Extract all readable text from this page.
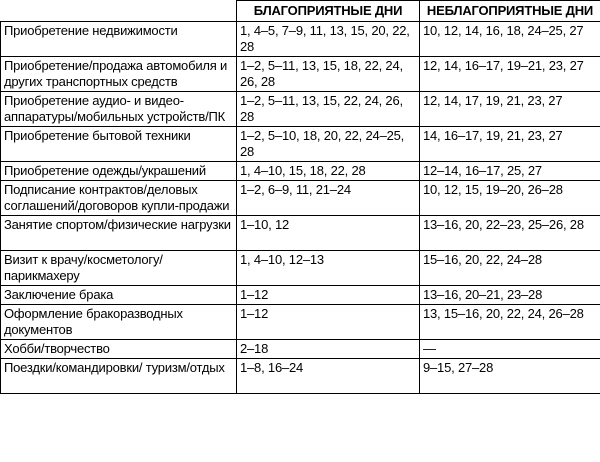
	БЛАГОПРИЯТНЫЕ ДНИ	НЕБЛАГОПРИЯТНЫЕ ДНИ
Приобретение недвижимости	1, 4–5, 7–9, 11, 13, 15, 20, 22, 28	10, 12, 14, 16, 18, 24–25, 27
Приобретение/продажа автомобиля и других транспортных средств	1–2, 5–11, 13, 15, 18, 22, 24, 26, 28	12, 14, 16–17, 19–21, 23, 27
Приобретение аудио- и видео-аппаратуры/мобильных устройств/ПК	1–2, 5–11, 13, 15, 22, 24, 26, 28	12, 14, 17, 19, 21, 23, 27
Приобретение бытовой техники	1–2, 5–10, 18, 20, 22, 24–25, 28	14, 16–17, 19, 21, 23, 27
Приобретение одежды/украшений	1, 4–10, 15, 18, 22, 28	12–14, 16–17, 25, 27
Подписание контрактов/деловых соглашений/договоров купли-продажи	1–2, 6–9, 11, 21–24	10, 12, 15, 19–20, 26–28
Занятие спортом/физические нагрузки	1–10, 12	13–16, 20, 22–23, 25–26, 28
Визит к врачу/косметологу/парикмахеру	1, 4–10, 12–13	15–16, 20, 22, 24–28
Заключение брака	1–12	13–16, 20–21, 23–28
Оформление бракоразводных документов	1–12	13, 15–16, 20, 22, 24, 26–28
Хобби/творчество	2–18	—
Поездки/командировки/ туризм/отдых	1–8, 16–24	9–15, 27–28
